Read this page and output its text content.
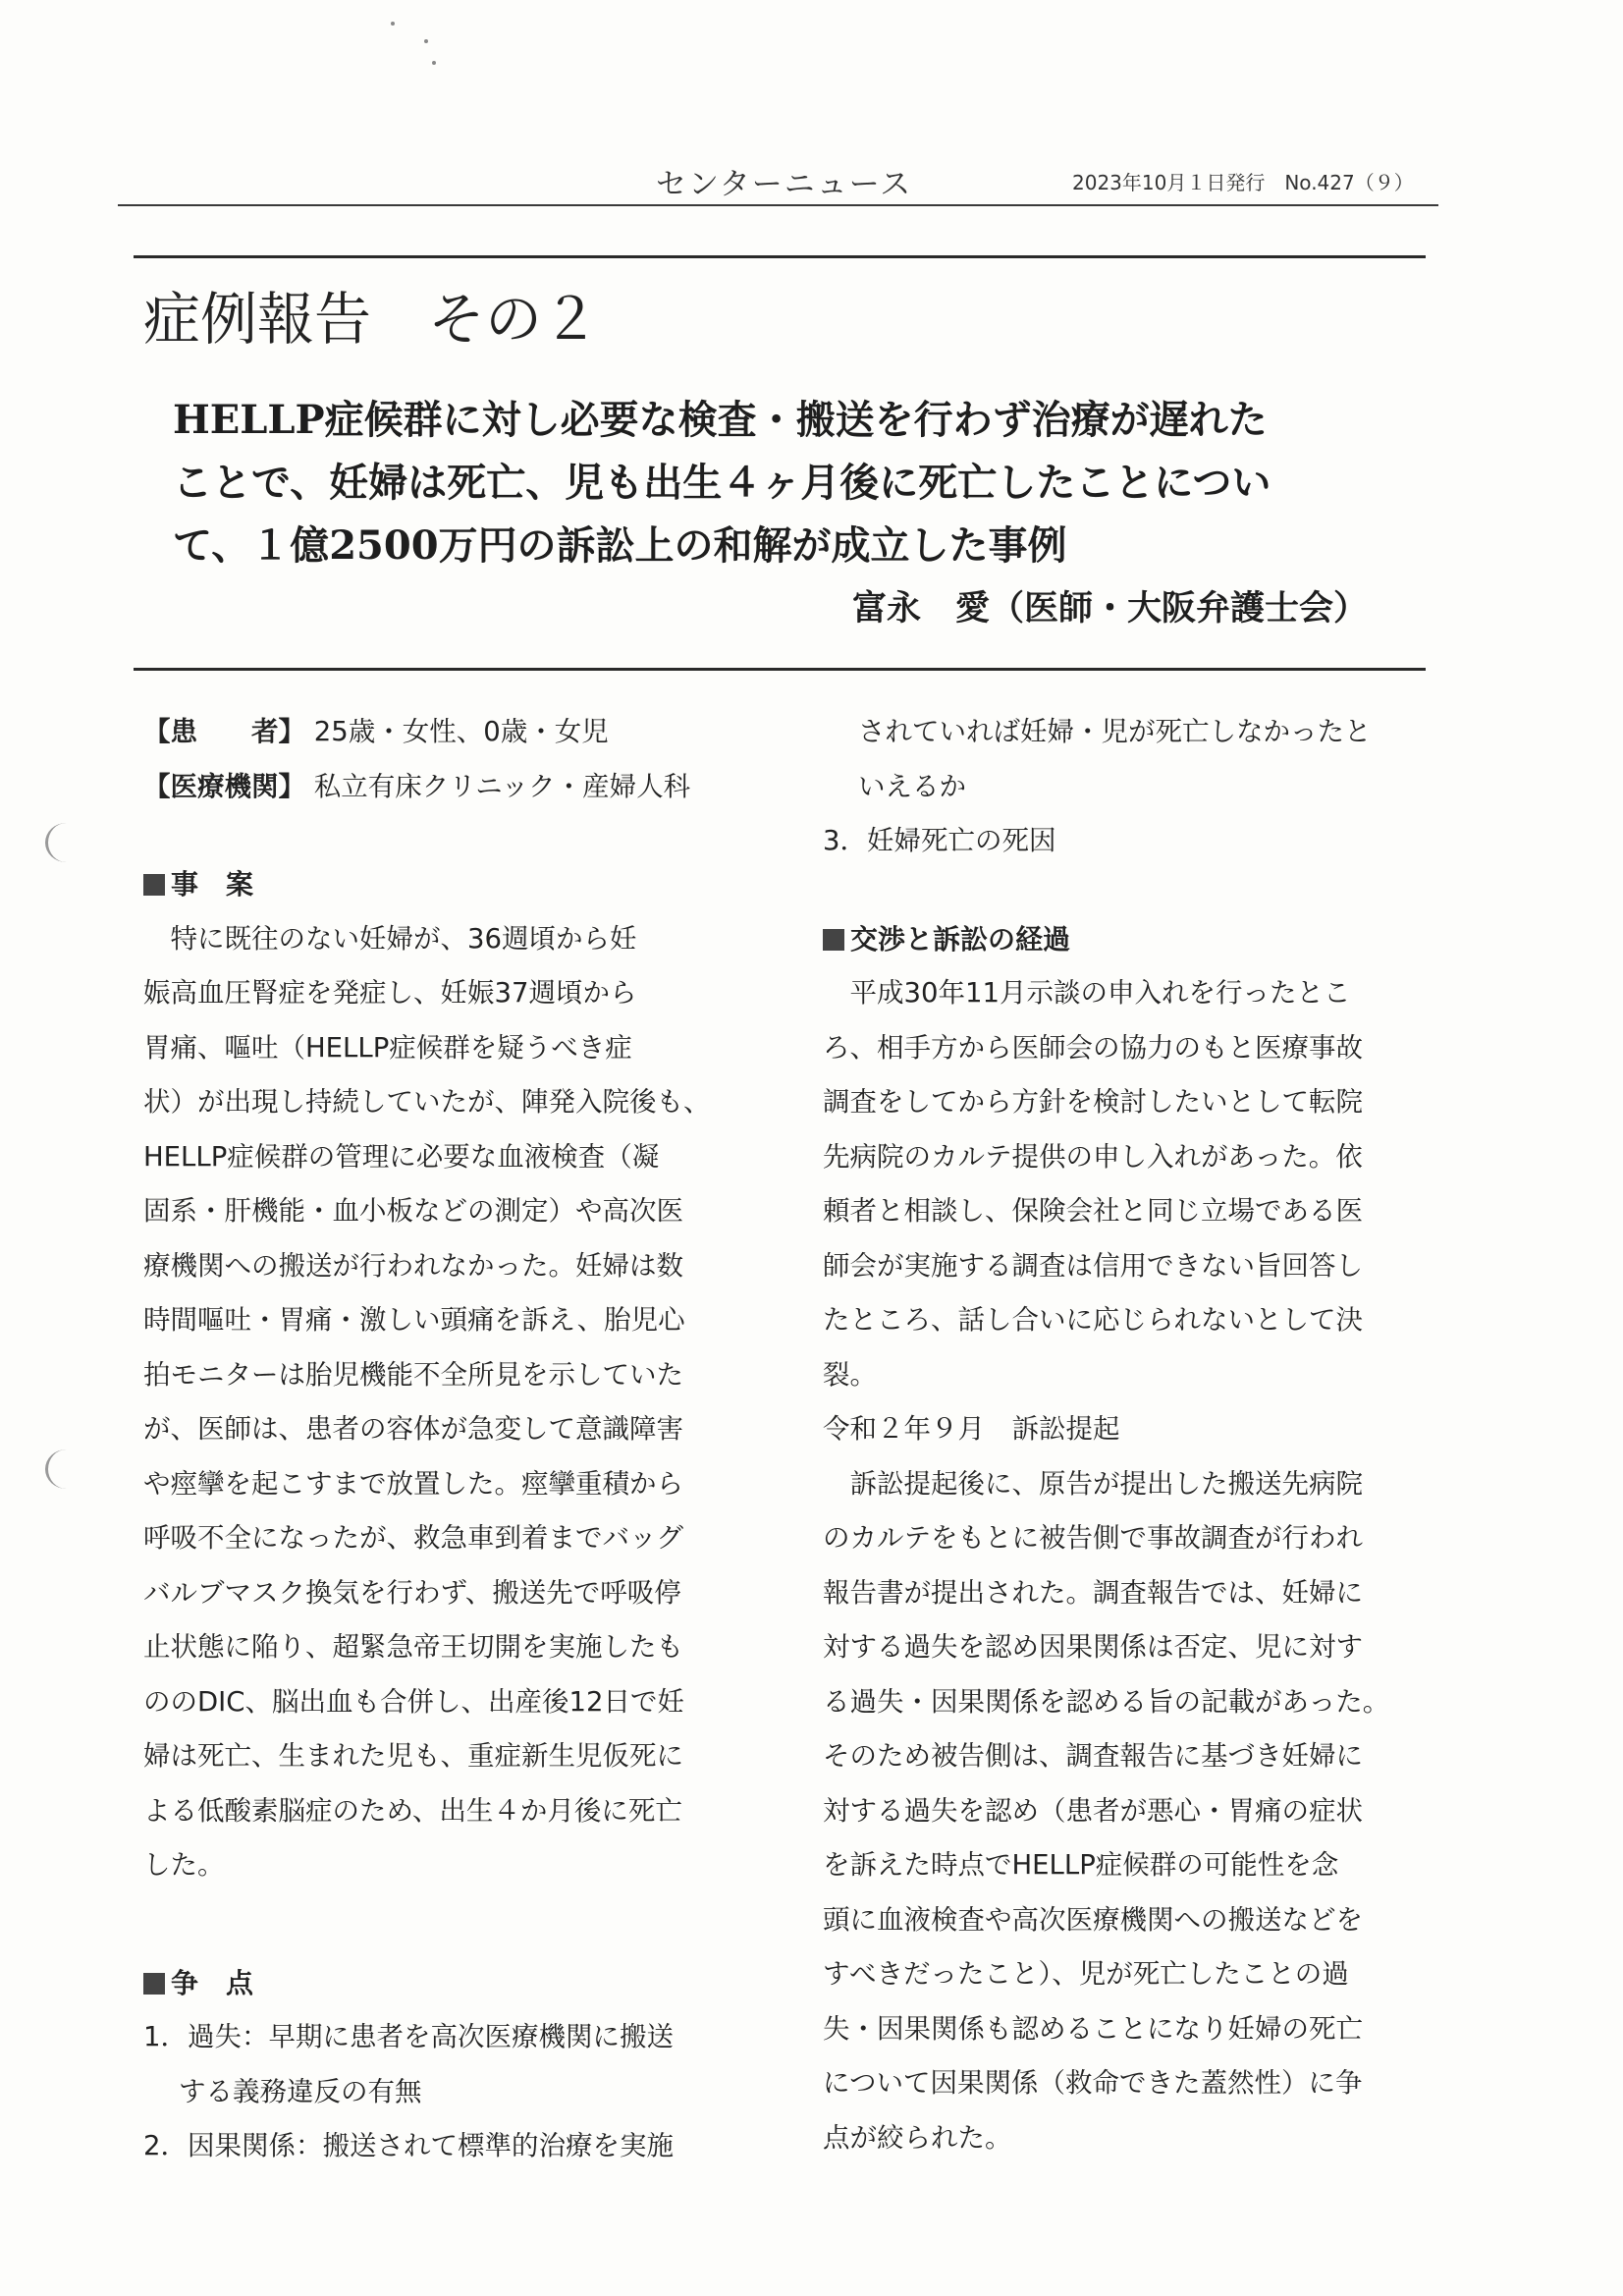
センターニュース	2023年10月１日発行　No.427（９）
症例報告　その２
HELLP症候群に対し必要な検査・搬送を行わず治療が遅れた
ことで、妊婦は死亡、児も出生４ヶ月後に死亡したことについ
て、１億2500万円の訴訟上の和解が成立した事例
富永　愛（医師・大阪弁護士会）
【患　　者】 25歳・女性、0歳・女児
【医療機関】 私立有床クリニック・産婦人科
事　案
特に既往のない妊婦が、36週頃から妊
娠高血圧腎症を発症し、妊娠37週頃から
胃痛、嘔吐（HELLP症候群を疑うべき症
状）が出現し持続していたが、陣発入院後も、
HELLP症候群の管理に必要な血液検査（凝
固系・肝機能・血小板などの測定）や高次医
療機関への搬送が行われなかった。妊婦は数
時間嘔吐・胃痛・激しい頭痛を訴え、胎児心
拍モニターは胎児機能不全所見を示していた
が、医師は、患者の容体が急変して意識障害
や痙攣を起こすまで放置した。痙攣重積から
呼吸不全になったが、救急車到着までバッグ
バルブマスク換気を行わず、搬送先で呼吸停
止状態に陥り、超緊急帝王切開を実施したも
ののDIC、脳出血も合併し、出産後12日で妊
婦は死亡、生まれた児も、重症新生児仮死に
よる低酸素脳症のため、出生４か月後に死亡
した。
争　点
1．過失：早期に患者を高次医療機関に搬送
する義務違反の有無
2．因果関係：搬送されて標準的治療を実施
されていれば妊婦・児が死亡しなかったと
いえるか
3．妊婦死亡の死因
交渉と訴訟の経過
平成30年11月示談の申入れを行ったとこ
ろ、相手方から医師会の協力のもと医療事故
調査をしてから方針を検討したいとして転院
先病院のカルテ提供の申し入れがあった。依
頼者と相談し、保険会社と同じ立場である医
師会が実施する調査は信用できない旨回答し
たところ、話し合いに応じられないとして決
裂。
令和２年９月　訴訟提起
訴訟提起後に、原告が提出した搬送先病院
のカルテをもとに被告側で事故調査が行われ
報告書が提出された。調査報告では、妊婦に
対する過失を認め因果関係は否定、児に対す
る過失・因果関係を認める旨の記載があった。
そのため被告側は、調査報告に基づき妊婦に
対する過失を認め（患者が悪心・胃痛の症状
を訴えた時点でHELLP症候群の可能性を念
頭に血液検査や高次医療機関への搬送などを
すべきだったこと）、児が死亡したことの過
失・因果関係も認めることになり妊婦の死亡
について因果関係（救命できた蓋然性）に争
点が絞られた。
